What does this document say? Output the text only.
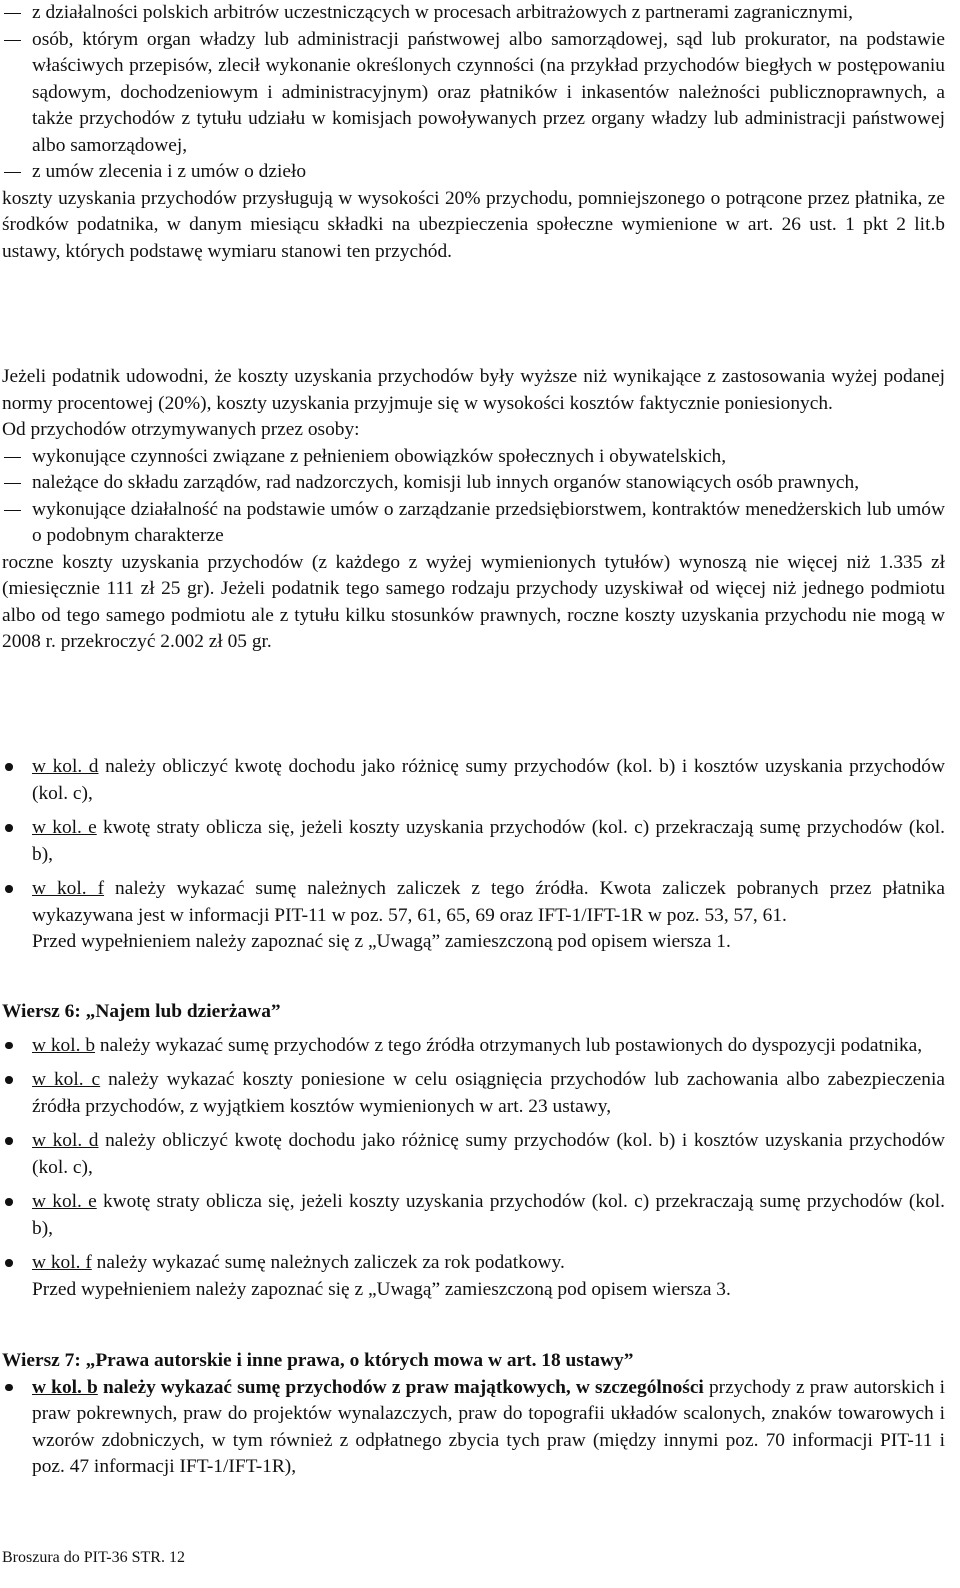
z działalności polskich arbitrów uczestniczących w procesach arbitrażowych z partnerami zagranicznymi,
osób, którym organ władzy lub administracji państwowej albo samorządowej, sąd lub prokurator, na podstawie właściwych przepisów, zlecił wykonanie określonych czynności (na przykład przychodów biegłych w postępowaniu sądowym, dochodzeniowym i administracyjnym) oraz płatników i inkasentów należności publicznoprawnych, a także przychodów z tytułu udziału w komisjach powoływanych przez organy władzy lub administracji państwowej albo samorządowej,
z umów zlecenia i z umów o dzieło

koszty uzyskania przychodów przysługują w wysokości 20% przychodu, pomniejszonego o potrącone przez płatnika, ze środków podatnika, w danym miesiącu składki na ubezpieczenia społeczne wymienione w art. 26 ust. 1 pkt 2 lit.b ustawy, których podstawę wymiaru stanowi ten przychód.

Jeżeli podatnik udowodni, że koszty uzyskania przychodów były wyższe niż wynikające z zastosowania wyżej podanej normy procentowej (20%), koszty uzyskania przyjmuje się w wysokości kosztów faktycznie poniesionych.

Od przychodów otrzymywanych przez osoby:

wykonujące czynności związane z pełnieniem obowiązków społecznych i obywatelskich,
należące do składu zarządów, rad nadzorczych, komisji lub innych organów stanowiących osób prawnych,
wykonujące działalność na podstawie umów o zarządzanie przedsiębiorstwem, kontraktów menedżerskich lub umów o podobnym charakterze

roczne koszty uzyskania przychodów (z każdego z wyżej wymienionych tytułów) wynoszą nie więcej niż 1.335 zł (miesięcznie 111 zł 25 gr). Jeżeli podatnik tego samego rodzaju przychody uzyskiwał od więcej niż jednego podmiotu albo od tego samego podmiotu ale z tytułu kilku stosunków prawnych, roczne koszty uzyskania przychodu nie mogą w 2008 r. przekroczyć 2.002 zł 05 gr.

w kol. d należy obliczyć kwotę dochodu jako różnicę sumy przychodów (kol. b) i kosztów uzyskania przychodów (kol. c),
w kol. e kwotę straty oblicza się, jeżeli koszty uzyskania przychodów (kol. c) przekraczają sumę przychodów (kol. b),
w kol. f należy wykazać sumę należnych zaliczek z tego źródła. Kwota zaliczek pobranych przez płatnika wykazywana jest w informacji PIT-11 w poz. 57, 61, 65, 69 oraz IFT-1/IFT-1R w poz. 53, 57, 61.

Przed wypełnieniem należy zapoznać się z „Uwagą” zamieszczoną pod opisem wiersza 1.

Wiersz 6: „Najem lub dzierżawa”

w kol. b należy wykazać sumę przychodów z tego źródła otrzymanych lub postawionych do dyspozycji podatnika,
w kol. c należy wykazać koszty poniesione w celu osiągnięcia przychodów lub zachowania albo zabezpieczenia źródła przychodów, z wyjątkiem kosztów wymienionych w art. 23 ustawy,
w kol. d należy obliczyć kwotę dochodu jako różnicę sumy przychodów (kol. b) i kosztów uzyskania przychodów (kol. c),
w kol. e kwotę straty oblicza się, jeżeli koszty uzyskania przychodów (kol. c) przekraczają sumę przychodów (kol. b),
w kol. f należy wykazać sumę należnych zaliczek za rok podatkowy.

Przed wypełnieniem należy zapoznać się z „Uwagą” zamieszczoną pod opisem wiersza 3.

Wiersz 7: „Prawa autorskie i inne prawa, o których mowa w art. 18 ustawy”

w kol. b należy wykazać sumę przychodów z praw majątkowych, w szczególności przychody z praw autorskich i praw pokrewnych, praw do projektów wynalazczych, praw do topografii układów scalonych, znaków towarowych i wzorów zdobniczych, w tym również z odpłatnego zbycia tych praw (między innymi poz. 70 informacji PIT-11 i poz. 47 informacji IFT-1/IFT-1R),
Broszura do PIT-36 STR. 12
